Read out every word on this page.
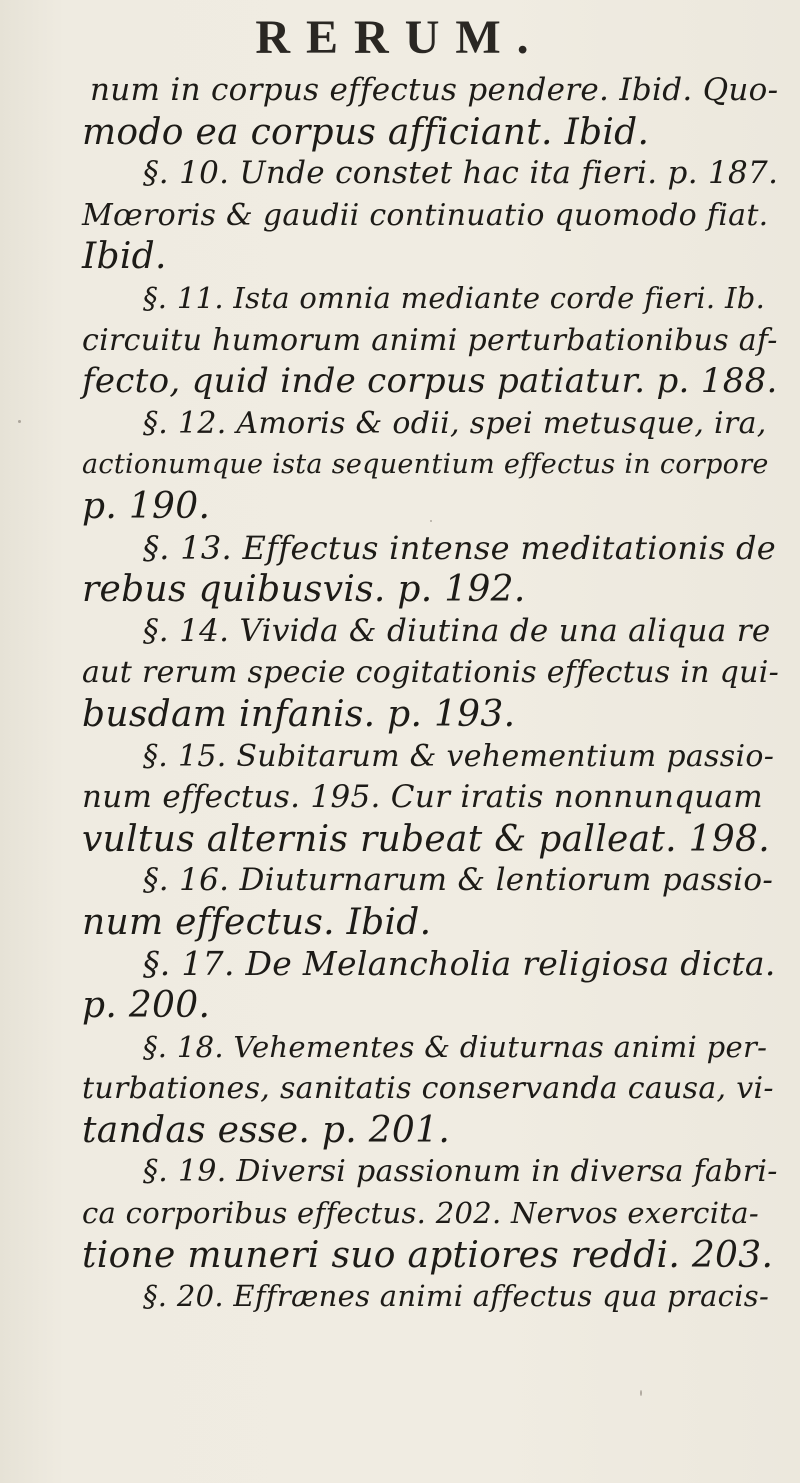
RERUM.
num in corpus effectus pendere. Ibid. Quo-
modo ea corpus afficiant. Ibid.
§. 10. Unde constet hac ita fieri. p. 187.
Mœroris & gaudii continuatio quomodo fiat.
Ibid.
§. 11. Ista omnia mediante corde fieri. Ib.
circuitu humorum animi perturbationibus af-
fecto, quid inde corpus patiatur. p. 188.
§. 12. Amoris & odii, spei metusque, ira,
actionumque ista sequentium effectus in corpore
p. 190.
§. 13. Effectus intense meditationis de
rebus quibusvis. p. 192.
§. 14. Vivida & diutina de una aliqua re
aut rerum specie cogitationis effectus in qui-
busdam infanis. p. 193.
§. 15. Subitarum & vehementium passio-
num effectus. 195. Cur iratis nonnunquam
vultus alternis rubeat & palleat. 198.
§. 16. Diuturnarum & lentiorum passio-
num effectus. Ibid.
§. 17. De Melancholia religiosa dicta.
p. 200.
§. 18. Vehementes & diuturnas animi per-
turbationes, sanitatis conservanda causa, vi-
tandas esse. p. 201.
§. 19. Diversi passionum in diversa fabri-
ca corporibus effectus. 202. Nervos exercita-
tione muneri suo aptiores reddi. 203.
§. 20. Effrænes animi affectus qua pracis-
